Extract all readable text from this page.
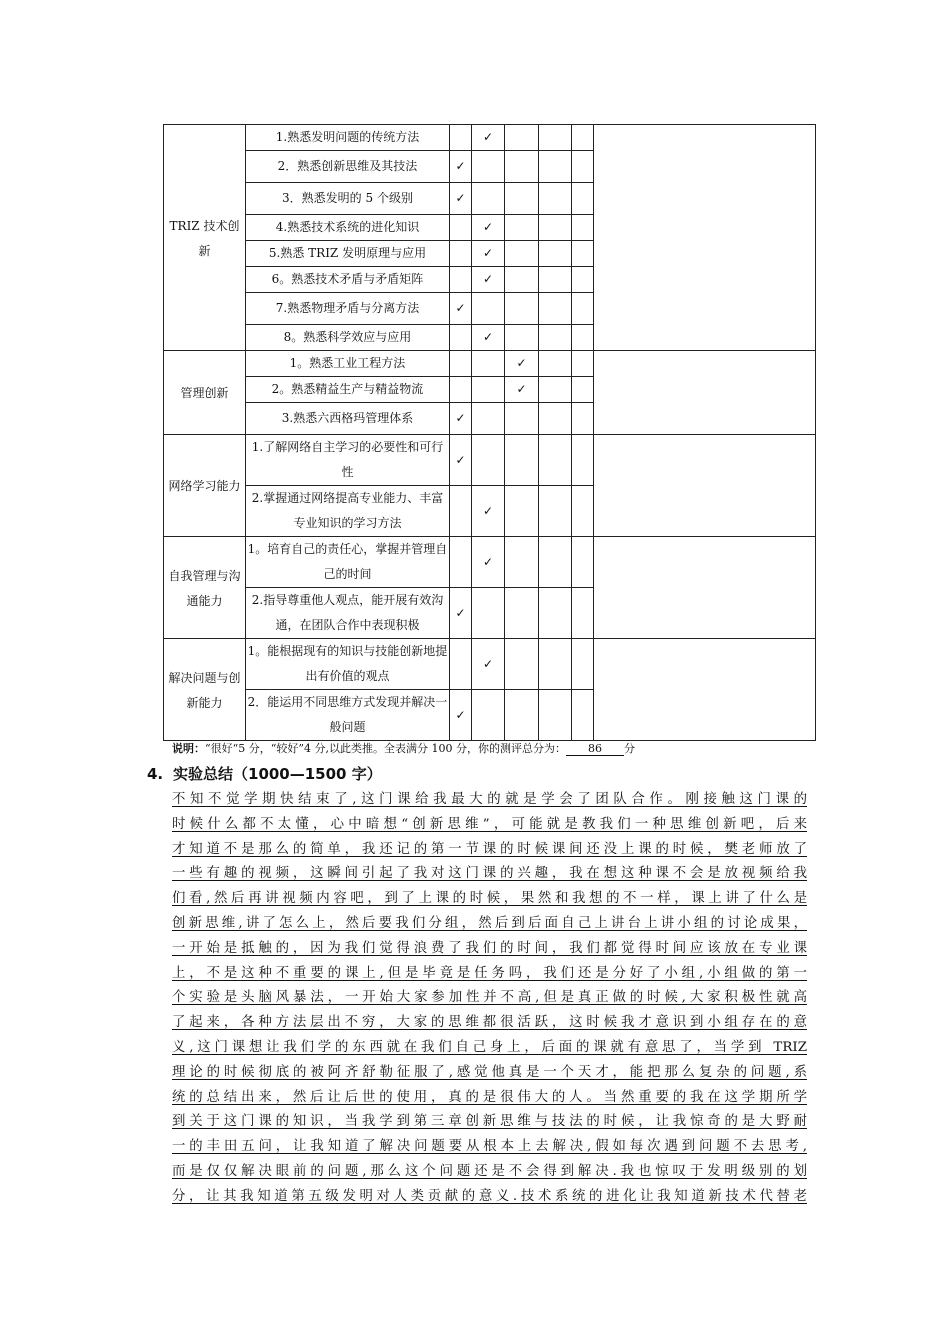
TRIZ 技术创新	1.熟悉发明问题的传统方法		✓				
	2．熟悉创新思维及其技法	✓					
	3．熟悉发明的 5 个级别	✓					
	4.熟悉技术系统的进化知识		✓				
	5.熟悉 TRIZ 发明原理与应用		✓				
	6。熟悉技术矛盾与矛盾矩阵		✓				
	7.熟悉物理矛盾与分离方法	✓					
	8。熟悉科学效应与应用		✓				
管理创新	1。熟悉工业工程方法			✓			
	2。熟悉精益生产与精益物流			✓			
	3.熟悉六西格玛管理体系	✓					
网络学习能力	1.了解网络自主学习的必要性和可行性	✓					
	2.掌握通过网络提高专业能力、丰富专业知识的学习方法		✓				
自我管理与沟通能力	1。培育自己的责任心，掌握并管理自己的时间		✓				
	2.指导尊重他人观点，能开展有效沟通，在团队合作中表现积极	✓					
解决问题与创新能力	1。能根据现有的知识与技能创新地提出有价值的观点		✓				
	2．能运用不同思维方式发现并解决一般问题	✓					
说明：“很好“5 分，“较好”4 分,以此类推。全表满分 100 分，你的测评总分为： 86 分
4. 实验总结（1000—1500 字）
不知不觉学期快结束了,这门课给我最大的就是学会了团队合作。刚接触这门课的
时候什么都不太懂，心中暗想“创新思维”，可能就是教我们一种思维创新吧，后来
才知道不是那么的简单，我还记的第一节课的时候课间还没上课的时候，樊老师放了
一些有趣的视频，这瞬间引起了我对这门课的兴趣，我在想这种课不会是放视频给我
们看,然后再讲视频内容吧，到了上课的时候，果然和我想的不一样，课上讲了什么是
创新思维,讲了怎么上，然后要我们分组，然后到后面自己上讲台上讲小组的讨论成果，
一开始是抵触的，因为我们觉得浪费了我们的时间，我们都觉得时间应该放在专业课
上，不是这种不重要的课上,但是毕竟是任务吗，我们还是分好了小组,小组做的第一
个实验是头脑风暴法，一开始大家参加性并不高,但是真正做的时候,大家积极性就高
了起来，各种方法层出不穷，大家的思维都很活跃，这时候我才意识到小组存在的意
义,这门课想让我们学的东西就在我们自己身上，后面的课就有意思了，当学到 TRIZ
理论的时候彻底的被阿齐舒勒征服了,感觉他真是一个天才，能把那么复杂的问题,系
统的总结出来，然后让后世的使用，真的是很伟大的人。当然重要的我在这学期所学
到关于这门课的知识，当我学到第三章创新思维与技法的时候，让我惊奇的是大野耐
一的丰田五问，让我知道了解决问题要从根本上去解决,假如每次遇到问题不去思考,
而是仅仅解决眼前的问题,那么这个问题还是不会得到解决.我也惊叹于发明级别的划
分，让其我知道第五级发明对人类贡献的意义.技术系统的进化让我知道新技术代替老
